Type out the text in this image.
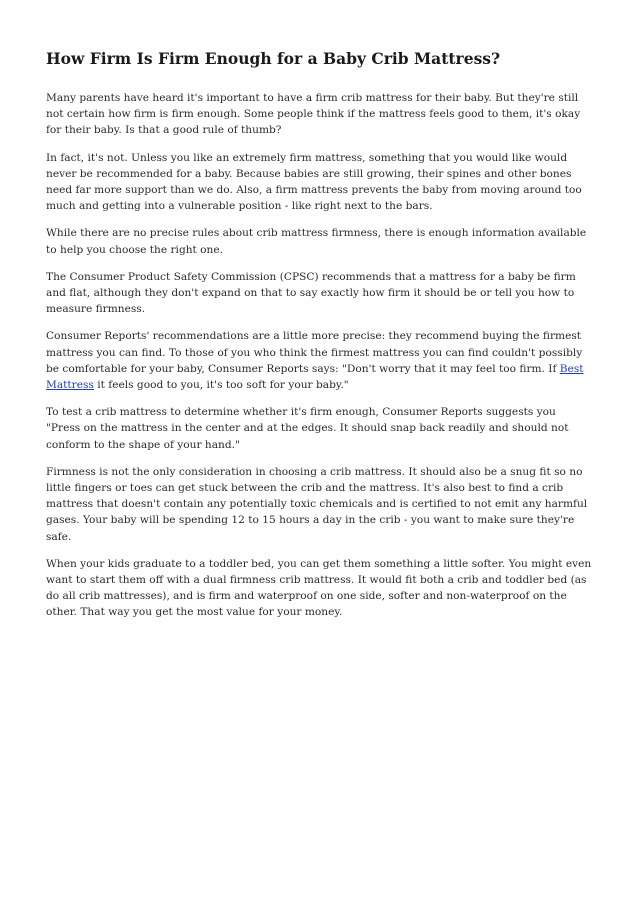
How Firm Is Firm Enough for a Baby Crib Mattress?

Many parents have heard it's important to have a firm crib mattress for their baby. But they're still not certain how firm is firm enough. Some people think if the mattress feels good to them, it's okay for their baby. Is that a good rule of thumb?

In fact, it's not. Unless you like an extremely firm mattress, something that you would like would never be recommended for a baby. Because babies are still growing, their spines and other bones need far more support than we do. Also, a firm mattress prevents the baby from moving around too much and getting into a vulnerable position - like right next to the bars.

While there are no precise rules about crib mattress firmness, there is enough information available to help you choose the right one.

The Consumer Product Safety Commission (CPSC) recommends that a mattress for a baby be firm and flat, although they don't expand on that to say exactly how firm it should be or tell you how to measure firmness.

Consumer Reports' recommendations are a little more precise: they recommend buying the firmest mattress you can find. To those of you who think the firmest mattress you can find couldn't possibly be comfortable for your baby, Consumer Reports says: "Don't worry that it may feel too firm. If Best Mattress it feels good to you, it's too soft for your baby."

To test a crib mattress to determine whether it's firm enough, Consumer Reports suggests you "Press on the mattress in the center and at the edges. It should snap back readily and should not conform to the shape of your hand."

Firmness is not the only consideration in choosing a crib mattress. It should also be a snug fit so no little fingers or toes can get stuck between the crib and the mattress. It's also best to find a crib mattress that doesn't contain any potentially toxic chemicals and is certified to not emit any harmful gases. Your baby will be spending 12 to 15 hours a day in the crib - you want to make sure they're safe.

When your kids graduate to a toddler bed, you can get them something a little softer. You might even want to start them off with a dual firmness crib mattress. It would fit both a crib and toddler bed (as do all crib mattresses), and is firm and waterproof on one side, softer and non-waterproof on the other. That way you get the most value for your money.
